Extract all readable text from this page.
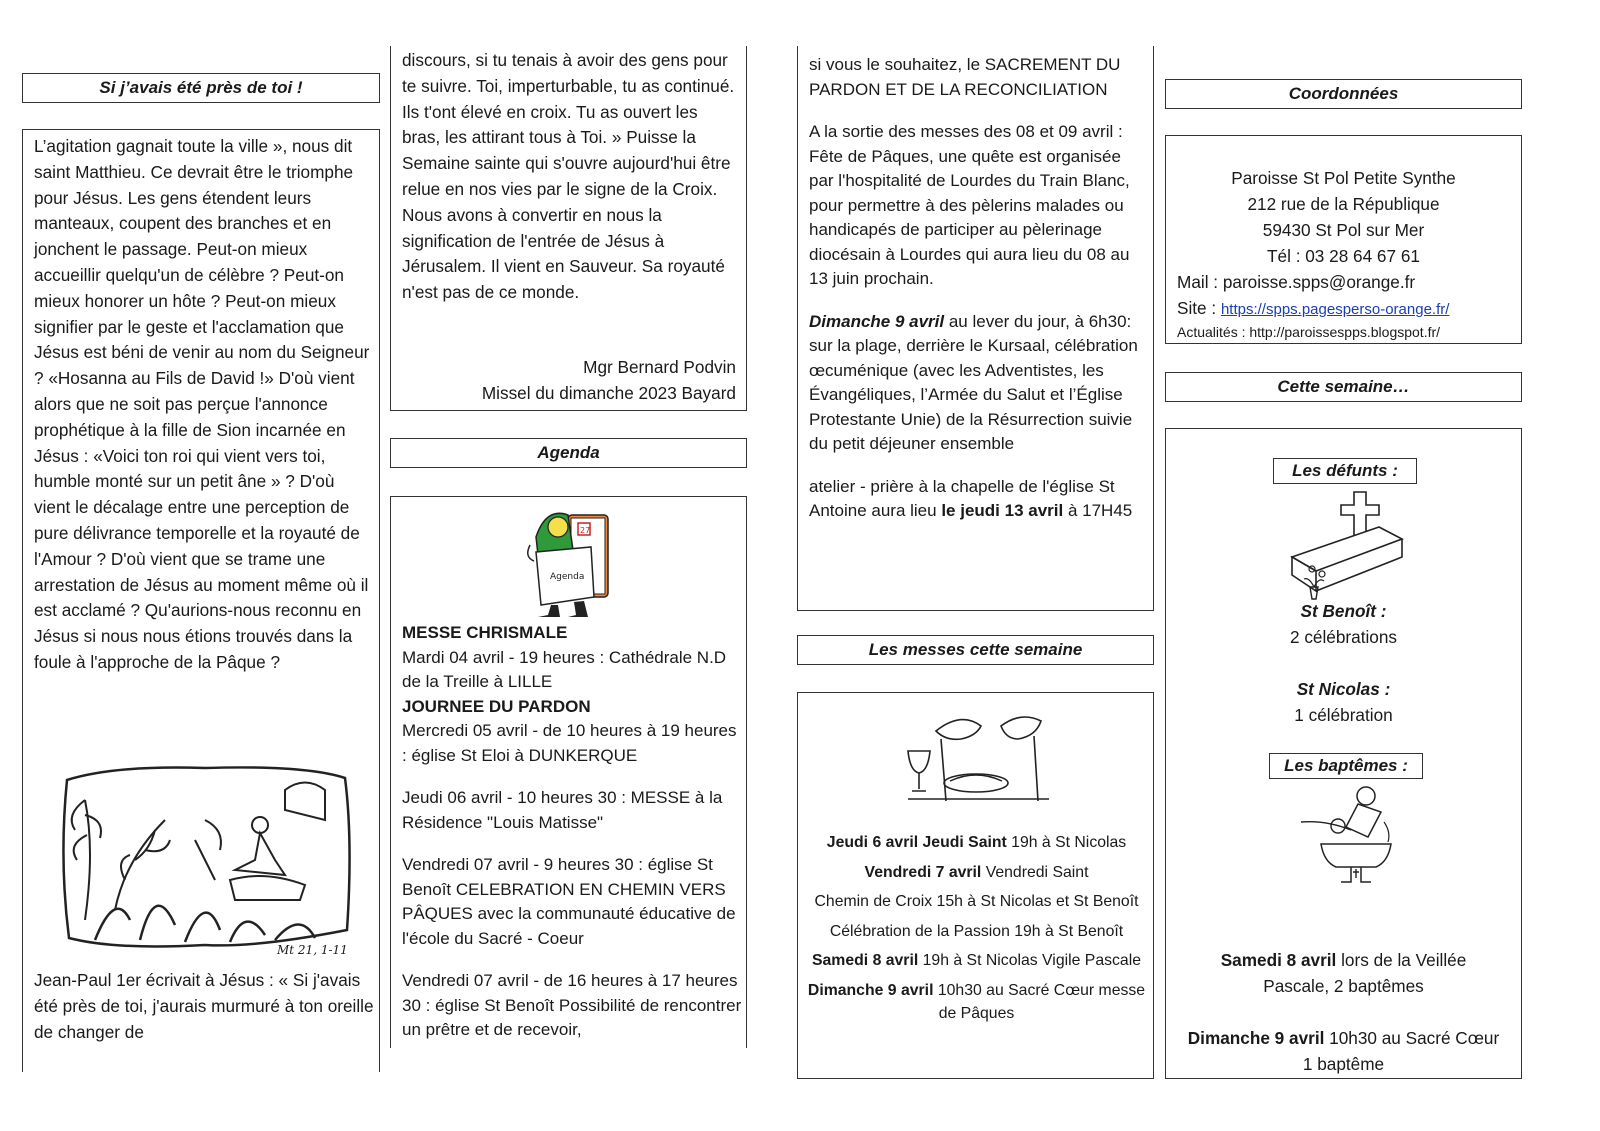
Si j’avais été près de toi !
L’agitation gagnait toute la ville », nous dit saint Matthieu. Ce devrait être le triomphe pour Jésus. Les gens étendent leurs manteaux, coupent des branches et en jonchent le passage. Peut-on mieux accueillir quelqu'un de célèbre ? Peut-on mieux honorer un hôte ? Peut-on mieux signifier par le geste et l'acclamation que Jésus est béni de venir au nom du Seigneur ? «Hosanna au Fils de David !» D'où vient alors que ne soit pas perçue l'annonce prophétique à la fille de Sion incarnée en Jésus : «Voici ton roi qui vient vers toi, humble monté sur un petit âne » ? D'où vient le décalage entre une perception de pure délivrance temporelle et la royauté de l'Amour ? D'où vient que se trame une arrestation de Jésus au moment même où il est acclamé ? Qu'aurions-nous reconnu en Jésus si nous nous étions trouvés dans la foule à l'approche de la Pâque ?
Mt 21, 1-11
Jean-Paul 1er écrivait à Jésus : « Si j'avais été près de toi, j'aurais murmuré à ton oreille de changer de
discours, si tu tenais à avoir des gens pour te suivre. Toi, imperturbable, tu as continué. Ils t'ont élevé en croix. Tu as ouvert les bras, les attirant tous à Toi. » Puisse la Semaine sainte qui s'ouvre aujourd'hui être relue en nos vies par le signe de la Croix. Nous avons à convertir en nous la signification de l'entrée de Jésus à Jérusalem. Il vient en Sauveur. Sa royauté n'est pas de ce monde.
Mgr Bernard Podvin
Missel du dimanche 2023 Bayard
Agenda
27
Agenda

MESSE CHRISMALE

Mardi 04 avril - 19 heures : Cathédrale N.D de la Treille à LILLE

JOURNEE DU PARDON

Mercredi 05 avril - de 10 heures à 19 heures : église St Eloi à DUNKERQUE

Jeudi 06 avril - 10 heures 30 : MESSE à la Résidence "Louis Matisse"

Vendredi 07 avril - 9 heures 30 : église St Benoît CELEBRATION EN CHEMIN VERS PÂQUES avec la communauté éducative de l'école du Sacré - Coeur

Vendredi 07 avril - de 16 heures à 17 heures 30 : église St Benoît Possibilité de rencontrer un prêtre et de recevoir,

si vous le souhaitez, le SACREMENT DU PARDON ET DE LA RECONCILIATION

A la sortie des messes des 08 et 09 avril : Fête de Pâques, une quête est organisée par l'hospitalité de Lourdes du Train Blanc, pour permettre à des pèlerins malades ou handicapés de participer au pèlerinage diocésain à Lourdes qui aura lieu du 08 au 13 juin prochain.

Dimanche 9 avril au lever du jour, à 6h30: sur la plage, derrière le Kursaal, célébration œcuménique (avec les Adventistes, les Évangéliques, l’Armée du Salut et l’Église Protestante Unie) de la Résurrection suivie du petit déjeuner ensemble

atelier - prière à la chapelle de l'église St Antoine aura lieu le jeudi 13 avril à 17H45

Les messes cette semaine

Jeudi 6 avril Jeudi Saint 19h à St Nicolas

Vendredi 7 avril Vendredi Saint

Chemin de Croix 15h à St Nicolas et St Benoît

Célébration de la Passion 19h à St Benoît

Samedi 8 avril 19h à St Nicolas Vigile Pascale

Dimanche 9 avril 10h30 au Sacré Cœur messe de Pâques

Coordonnées
Paroisse St Pol Petite Synthe
212 rue de la République
59430 St Pol sur Mer
Tél : 03 28 64 67 61
Mail : paroisse.spps@orange.fr
Site : https://spps.pagesperso-orange.fr/
Actualités : http://paroissespps.blogspot.fr/
Cette semaine…
Les défunts :
St Benoît :
2 célébrations
St Nicolas :
1 célébration
Les baptêmes :
Samedi 8 avril lors de la Veillée Pascale, 2 baptêmes
Dimanche 9 avril 10h30 au Sacré Cœur 1 baptême
